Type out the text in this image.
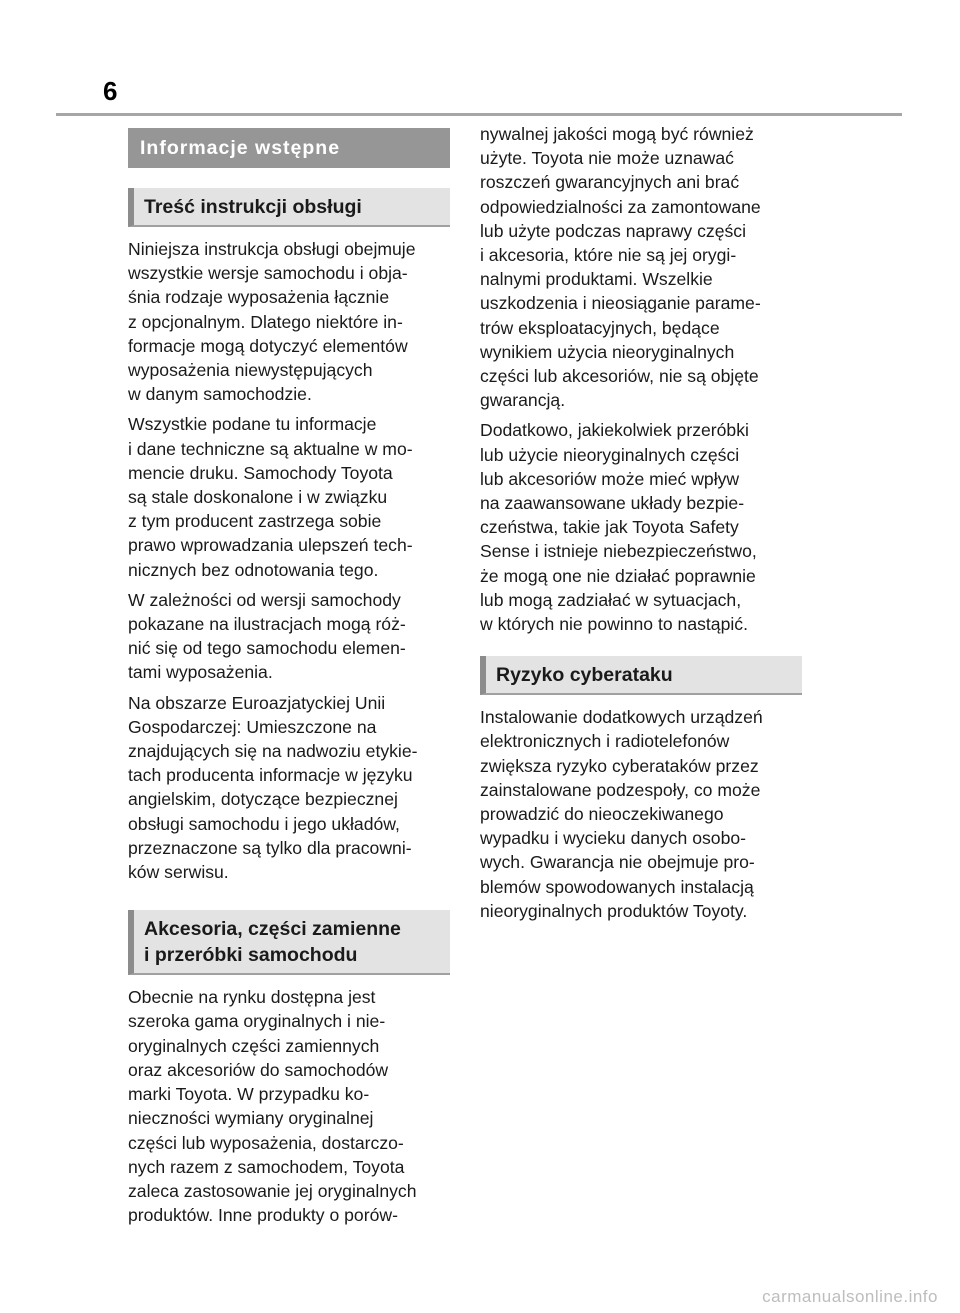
6
Informacje wstępne
Treść instrukcji obsługi

Niniejsza instrukcja obsługi obejmuje
wszystkie wersje samochodu i obja-
śnia rodzaje wyposażenia łącznie
z opcjonalnym. Dlatego niektóre in-
formacje mogą dotyczyć elementów
wyposażenia niewystępujących
w danym samochodzie.

Wszystkie podane tu informacje
i dane techniczne są aktualne w mo-
mencie druku. Samochody Toyota
są stale doskonalone i w związku
z tym producent zastrzega sobie
prawo wprowadzania ulepszeń tech-
nicznych bez odnotowania tego.

W zależności od wersji samochody
pokazane na ilustracjach mogą róż-
nić się od tego samochodu elemen-
tami wyposażenia.

Na obszarze Euroazjatyckiej Unii
Gospodarczej: Umieszczone na
znajdujących się na nadwoziu etykie-
tach producenta informacje w języku
angielskim, dotyczące bezpiecznej
obsługi samochodu i jego układów,
przeznaczone są tylko dla pracowni-
ków serwisu.

Akcesoria, części zamienne
i przeróbki samochodu

Obecnie na rynku dostępna jest
szeroka gama oryginalnych i nie-
oryginalnych części zamiennych
oraz akcesoriów do samochodów
marki Toyota. W przypadku ko-
nieczności wymiany oryginalnej
części lub wyposażenia, dostarczo-
nych razem z samochodem, Toyota
zaleca zastosowanie jej oryginalnych
produktów. Inne produkty o porów-

nywalnej jakości mogą być również
użyte. Toyota nie może uznawać
roszczeń gwarancyjnych ani brać
odpowiedzialności za zamontowane
lub użyte podczas naprawy części
i akcesoria, które nie są jej orygi-
nalnymi produktami. Wszelkie
uszkodzenia i nieosiąganie parame-
trów eksploatacyjnych, będące
wynikiem użycia nieoryginalnych
części lub akcesoriów, nie są objęte
gwarancją.

Dodatkowo, jakiekolwiek przeróbki
lub użycie nieoryginalnych części
lub akcesoriów może mieć wpływ
na zaawansowane układy bezpie-
czeństwa, takie jak Toyota Safety
Sense i istnieje niebezpieczeństwo,
że mogą one nie działać poprawnie
lub mogą zadziałać w sytuacjach,
w których nie powinno to nastąpić.

Ryzyko cyberataku

Instalowanie dodatkowych urządzeń
elektronicznych i radiotelefonów
zwiększa ryzyko cyberataków przez
zainstalowane podzespoły, co może
prowadzić do nieoczekiwanego
wypadku i wycieku danych osobo-
wych. Gwarancja nie obejmuje pro-
blemów spowodowanych instalacją
nieoryginalnych produktów Toyoty.

carmanualsonline.info
